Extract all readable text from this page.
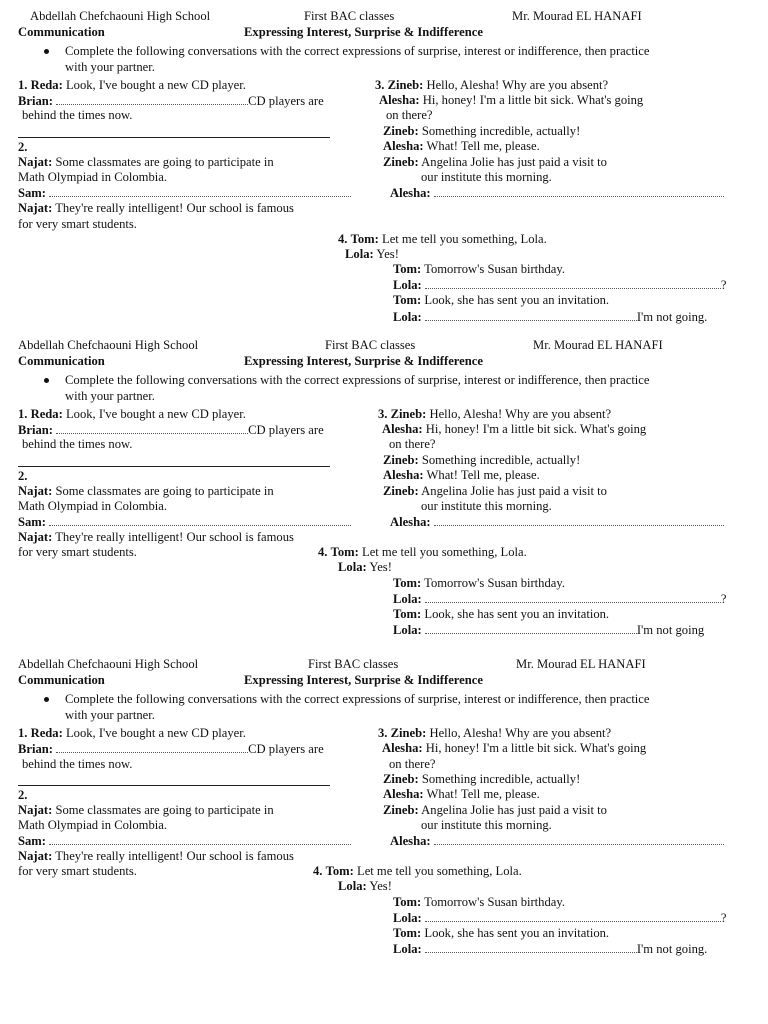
Abdellah Chefchaouni High School	First BAC classes	Mr. Mourad EL HANAFI
Communication	Expressing Interest, Surprise & Indifference
Complete the following conversations with the correct expressions of surprise, interest or indifference, then practice
with your partner.
1. Reda: Look, I've bought a new CD player.
Brian:	CD players are
behind the times now.
2.
Najat: Some classmates are going to participate in
Math Olympiad in Colombia.
Sam:
Najat: They're really intelligent! Our school is famous
for very smart students.
3. Zineb: Hello, Alesha! Why are you absent?
Alesha: Hi, honey! I'm a little bit sick. What's going
on there?
Zineb: Something incredible, actually!
Alesha: What! Tell me, please.
Zineb: Angelina Jolie has just paid a visit to
our institute this morning.
Alesha:
4. Tom: Let me tell you something, Lola.
Lola: Yes!
Tom: Tomorrow's Susan birthday.
Lola:	?
Tom: Look, she has sent you an invitation.
Lola:	I'm not going.
Abdellah Chefchaouni High School	First BAC classes	Mr. Mourad EL HANAFI
Communication	Expressing Interest, Surprise & Indifference
Complete the following conversations with the correct expressions of surprise, interest or indifference, then practice
with your partner.
1. Reda: Look, I've bought a new CD player.
Brian:	CD players are
behind the times now.
2.
Najat: Some classmates are going to participate in
Math Olympiad in Colombia.
Sam:
Najat: They're really intelligent! Our school is famous
for very smart students.
3. Zineb: Hello, Alesha! Why are you absent?
Alesha: Hi, honey! I'm a little bit sick. What's going
on there?
Zineb: Something incredible, actually!
Alesha: What! Tell me, please.
Zineb: Angelina Jolie has just paid a visit to
our institute this morning.
Alesha:
4. Tom: Let me tell you something, Lola.
Lola: Yes!
Tom: Tomorrow's Susan birthday.
Lola:	?
Tom: Look, she has sent you an invitation.
Lola:	I'm not going
Abdellah Chefchaouni High School	First BAC classes	Mr. Mourad EL HANAFI
Communication	Expressing Interest, Surprise & Indifference
Complete the following conversations with the correct expressions of surprise, interest or indifference, then practice
with your partner.
1. Reda: Look, I've bought a new CD player.
Brian:	CD players are
behind the times now.
2.
Najat: Some classmates are going to participate in
Math Olympiad in Colombia.
Sam:
Najat: They're really intelligent! Our school is famous
for very smart students.
3. Zineb: Hello, Alesha! Why are you absent?
Alesha: Hi, honey! I'm a little bit sick. What's going
on there?
Zineb: Something incredible, actually!
Alesha: What! Tell me, please.
Zineb: Angelina Jolie has just paid a visit to
our institute this morning.
Alesha:
4. Tom: Let me tell you something, Lola.
Lola: Yes!
Tom: Tomorrow's Susan birthday.
Lola:	?
Tom: Look, she has sent you an invitation.
Lola:	I'm not going.
